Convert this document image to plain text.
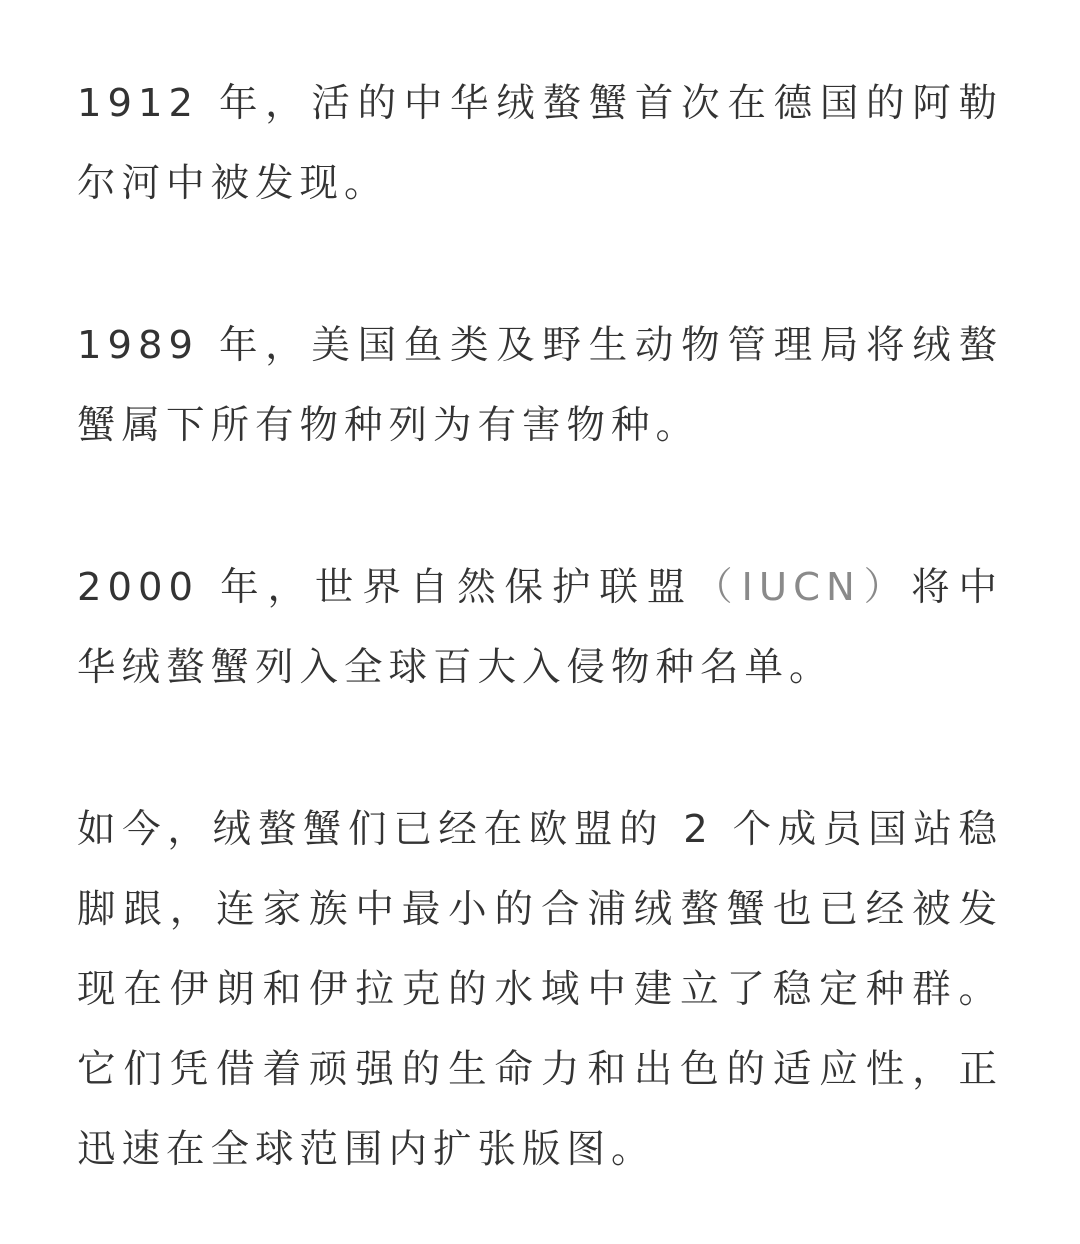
1912 年，活的中华绒螯蟹首次在德国的阿勒尔河中被发现。

1989 年，美国鱼类及野生动物管理局将绒螯蟹属下所有物种列为有害物种。

2000 年，世界自然保护联盟（IUCN）将中华绒螯蟹列入全球百大入侵物种名单。

如今，绒螯蟹们已经在欧盟的 2 个成员国站稳脚跟，连家族中最小的合浦绒螯蟹也已经被发现在伊朗和伊拉克的水域中建立了稳定种群。它们凭借着顽强的生命力和出色的适应性，正迅速在全球范围内扩张版图。
